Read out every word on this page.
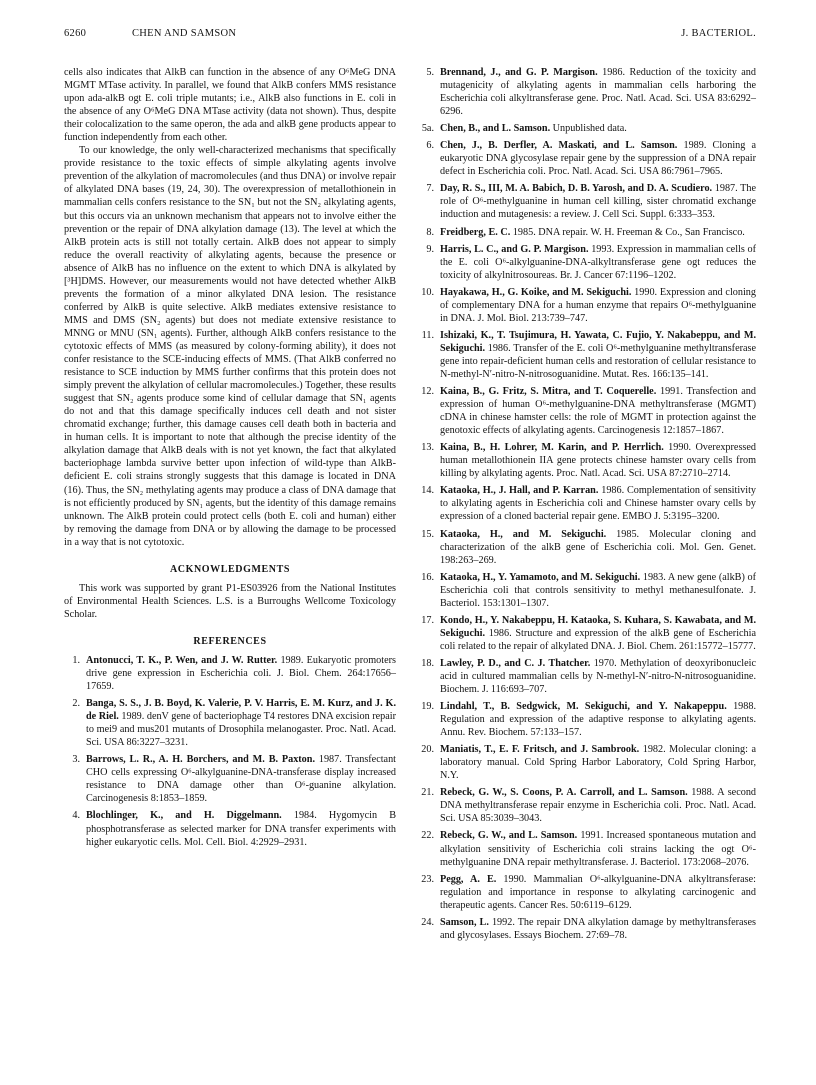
6260	CHEN AND SAMSON	J. BACTERIOL.

cells also indicates that AlkB can function in the absence of any O⁶MeG DNA MGMT MTase activity. In parallel, we found that AlkB confers MMS resistance upon ada-alkB ogt E. coli triple mutants; i.e., AlkB also functions in E. coli in the absence of any O⁶MeG DNA MTase activity (data not shown). Thus, despite their colocalization to the same operon, the ada and alkB gene products appear to function independently from each other.

To our knowledge, the only well-characterized mechanisms that specifically provide resistance to the toxic effects of simple alkylating agents involve prevention of the alkylation of macromolecules (and thus DNA) or involve repair of alkylated DNA bases (19, 24, 30). The overexpression of metallothionein in mammalian cells confers resistance to the SN₁ but not the SN₂ alkylating agents, but this occurs via an unknown mechanism that appears not to involve either the prevention or the repair of DNA alkylation damage (13). The level at which the AlkB protein acts is still not totally certain. AlkB does not appear to simply reduce the overall reactivity of alkylating agents, because the presence or absence of AlkB has no influence on the extent to which DNA is alkylated by [³H]DMS. However, our measurements would not have detected whether AlkB prevents the formation of a minor alkylated DNA lesion. The resistance conferred by AlkB is quite selective. AlkB mediates extensive resistance to MMS and DMS (SN₂ agents) but does not mediate extensive resistance to MNNG or MNU (SN₁ agents). Further, although AlkB confers resistance to the cytotoxic effects of MMS (as measured by colony-forming ability), it does not confer resistance to the SCE-inducing effects of MMS. (That AlkB conferred no resistance to SCE induction by MMS further confirms that this protein does not simply prevent the alkylation of cellular macromolecules.) Together, these results suggest that SN₂ agents produce some kind of cellular damage that SN₁ agents do not and that this damage specifically induces cell death and not sister chromatid exchange; further, this damage causes cell death both in bacteria and in human cells. It is important to note that although the precise identity of the alkylation damage that AlkB deals with is not yet known, the fact that alkylated bacteriophage lambda survive better upon infection of wild-type than AlkB-deficient E. coli strains strongly suggests that this damage is located in DNA (16). Thus, the SN₂ methylating agents may produce a class of DNA damage that is not efficiently produced by SN₁ agents, but the identity of this damage remains unknown. The AlkB protein could protect cells (both E. coli and human) either by removing the damage from DNA or by allowing the damage to be processed in a way that is not cytotoxic.

ACKNOWLEDGMENTS

This work was supported by grant P1-ES03926 from the National Institutes of Environmental Health Sciences. L.S. is a Burroughs Wellcome Toxicology Scholar.

REFERENCES
1. Antonucci, T. K., P. Wen, and J. W. Rutter. 1989. Eukaryotic promoters drive gene expression in Escherichia coli. J. Biol. Chem. 264:17656–17659.
2. Banga, S. S., J. B. Boyd, K. Valerie, P. V. Harris, E. M. Kurz, and J. K. de Riel. 1989. denV gene of bacteriophage T4 restores DNA excision repair to mei9 and mus201 mutants of Drosophila melanogaster. Proc. Natl. Acad. Sci. USA 86:3227–3231.
3. Barrows, L. R., A. H. Borchers, and M. B. Paxton. 1987. Transfectant CHO cells expressing O⁶-alkylguanine-DNA-transferase display increased resistance to DNA damage other than O⁶-guanine alkylation. Carcinogenesis 8:1853–1859.
4. Blochlinger, K., and H. Diggelmann. 1984. Hygomycin B phosphotransferase as selected marker for DNA transfer experiments with higher eukaryotic cells. Mol. Cell. Biol. 4:2929–2931.
5. Brennand, J., and G. P. Margison. 1986. Reduction of the toxicity and mutagenicity of alkylating agents in mammalian cells harboring the Escherichia coli alkyltransferase gene. Proc. Natl. Acad. Sci. USA 83:6292–6296.
5a. Chen, B., and L. Samson. Unpublished data.
6. Chen, J., B. Derfler, A. Maskati, and L. Samson. 1989. Cloning a eukaryotic DNA glycosylase repair gene by the suppression of a DNA repair defect in Escherichia coli. Proc. Natl. Acad. Sci. USA 86:7961–7965.
7. Day, R. S., III, M. A. Babich, D. B. Yarosh, and D. A. Scudiero. 1987. The role of O⁶-methylguanine in human cell killing, sister chromatid exchange induction and mutagenesis: a review. J. Cell Sci. Suppl. 6:333–353.
8. Freidberg, E. C. 1985. DNA repair. W. H. Freeman & Co., San Francisco.
9. Harris, L. C., and G. P. Margison. 1993. Expression in mammalian cells of the E. coli O⁶-alkylguanine-DNA-alkyltransferase gene ogt reduces the toxicity of alkylnitrosoureas. Br. J. Cancer 67:1196–1202.
10. Hayakawa, H., G. Koike, and M. Sekiguchi. 1990. Expression and cloning of complementary DNA for a human enzyme that repairs O⁶-methylguanine in DNA. J. Mol. Biol. 213:739–747.
11. Ishizaki, K., T. Tsujimura, H. Yawata, C. Fujio, Y. Nakabeppu, and M. Sekiguchi. 1986. Transfer of the E. coli O⁶-methylguanine methyltransferase gene into repair-deficient human cells and restoration of cellular resistance to N-methyl-N′-nitro-N-nitrosoguanidine. Mutat. Res. 166:135–141.
12. Kaina, B., G. Fritz, S. Mitra, and T. Coquerelle. 1991. Transfection and expression of human O⁶-methylguanine-DNA methyltransferase (MGMT) cDNA in chinese hamster cells: the role of MGMT in protection against the genotoxic effects of alkylating agents. Carcinogenesis 12:1857–1867.
13. Kaina, B., H. Lohrer, M. Karin, and P. Herrlich. 1990. Overexpressed human metallothionein IIA gene protects chinese hamster ovary cells from killing by alkylating agents. Proc. Natl. Acad. Sci. USA 87:2710–2714.
14. Kataoka, H., J. Hall, and P. Karran. 1986. Complementation of sensitivity to alkylating agents in Escherichia coli and Chinese hamster ovary cells by expression of a cloned bacterial repair gene. EMBO J. 5:3195–3200.
15. Kataoka, H., and M. Sekiguchi. 1985. Molecular cloning and characterization of the alkB gene of Escherichia coli. Mol. Gen. Genet. 198:263–269.
16. Kataoka, H., Y. Yamamoto, and M. Sekiguchi. 1983. A new gene (alkB) of Escherichia coli that controls sensitivity to methyl methanesulfonate. J. Bacteriol. 153:1301–1307.
17. Kondo, H., Y. Nakabeppu, H. Kataoka, S. Kuhara, S. Kawabata, and M. Sekiguchi. 1986. Structure and expression of the alkB gene of Escherichia coli related to the repair of alkylated DNA. J. Biol. Chem. 261:15772–15777.
18. Lawley, P. D., and C. J. Thatcher. 1970. Methylation of deoxyribonucleic acid in cultured mammalian cells by N-methyl-N′-nitro-N-nitrosoguanidine. Biochem. J. 116:693–707.
19. Lindahl, T., B. Sedgwick, M. Sekiguchi, and Y. Nakapeppu. 1988. Regulation and expression of the adaptive response to alkylating agents. Annu. Rev. Biochem. 57:133–157.
20. Maniatis, T., E. F. Fritsch, and J. Sambrook. 1982. Molecular cloning: a laboratory manual. Cold Spring Harbor Laboratory, Cold Spring Harbor, N.Y.
21. Rebeck, G. W., S. Coons, P. A. Carroll, and L. Samson. 1988. A second DNA methyltransferase repair enzyme in Escherichia coli. Proc. Natl. Acad. Sci. USA 85:3039–3043.
22. Rebeck, G. W., and L. Samson. 1991. Increased spontaneous mutation and alkylation sensitivity of Escherichia coli strains lacking the ogt O⁶-methylguanine DNA repair methyltransferase. J. Bacteriol. 173:2068–2076.
23. Pegg, A. E. 1990. Mammalian O⁶-alkylguanine-DNA alkyltransferase: regulation and importance in response to alkylating carcinogenic and therapeutic agents. Cancer Res. 50:6119–6129.
24. Samson, L. 1992. The repair DNA alkylation damage by methyltransferases and glycosylases. Essays Biochem. 27:69–78.
